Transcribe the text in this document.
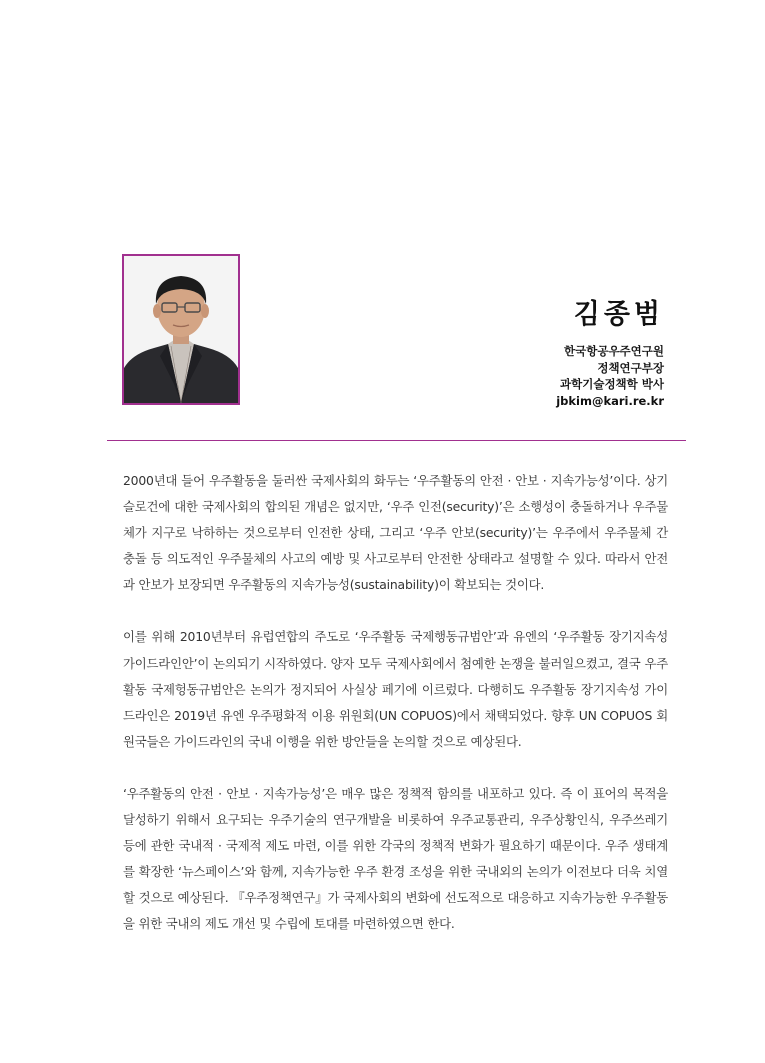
김종범
한국항공우주연구원
정책연구부장
과학기술정책학 박사
jbkim@kari.re.kr

2000년대 들어 우주활동을 둘러싼 국제사회의 화두는 ‘우주활동의 안전 · 안보 · 지속가능성’이다. 상기 슬로건에 대한 국제사회의 합의된 개념은 없지만, ‘우주 인전(security)’은 소행성이 충돌하거나 우주물체가 지구로 낙하하는 것으로부터 인전한 상태, 그리고 ‘우주 안보(security)’는 우주에서 우주물체 간 충돌 등 의도적인 우주물체의 사고의 예방 및 사고로부터 안전한 상태라고 설명할 수 있다. 따라서 안전과 안보가 보장되면 우주활동의 지속가능성(sustainability)이 확보되는 것이다.

이를 위해 2010년부터 유럽연합의 주도로 ‘우주활동 국제행동규범안’과 유엔의 ‘우주활동 장기지속성 가이드라인안’이 논의되기 시작하였다. 양자 모두 국제사회에서 첨예한 논쟁을 불러일으켰고, 결국 우주활동 국제헝동규범안은 논의가 정지되어 사실상 페기에 이르렀다. 다행히도 우주활동 장기지속성 가이드라인은 2019년 유엔 우주평화적 이용 위원회(UN COPUOS)에서 채택되었다. 향후 UN COPUOS 회원국들은 가이드라인의 국내 이행을 위한 방안들을 논의할 것으로 예상된다.

‘우주활동의 안전 · 안보 · 지속가능성’은 매우 많은 정책적 함의를 내포하고 있다. 즉 이 표어의 목적을 달성하기 위해서 요구되는 우주기술의 연구개발을 비롯하여 우주교통관리, 우주상황인식, 우주쓰레기 등에 관한 국내적 · 국제적 제도 마련, 이를 위한 각국의 정책적 변화가 필요하기 때문이다. 우주 생태계를 확장한 ‘뉴스페이스’와 함께, 지속가능한 우주 환경 조성을 위한 국내외의 논의가 이전보다 더욱 치열할 것으로 예상된다. 『우주정책연구』가 국제사회의 변화에 선도적으로 대응하고 지속가능한 우주활동을 위한 국내의 제도 개선 및 수립에 토대를 마련하였으면 한다.
